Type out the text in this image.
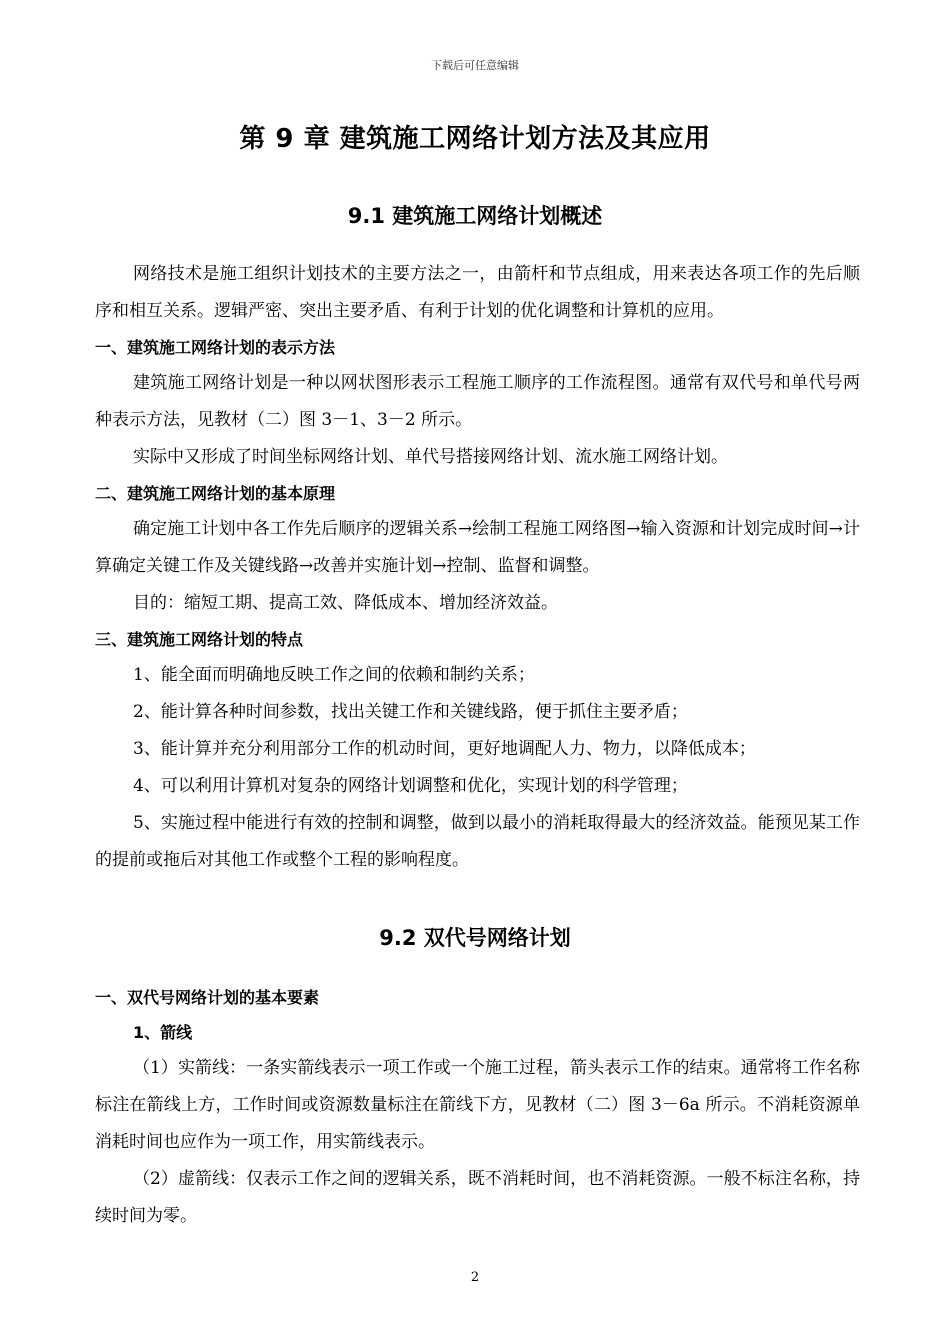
下载后可任意编辑
第 9 章 建筑施工网络计划方法及其应用
9.1 建筑施工网络计划概述

网络技术是施工组织计划技术的主要方法之一，由箭杆和节点组成，用来表达各项工作的先后顺序和相互关系。逻辑严密、突出主要矛盾、有利于计划的优化调整和计算机的应用。

一、建筑施工网络计划的表示方法

建筑施工网络计划是一种以网状图形表示工程施工顺序的工作流程图。通常有双代号和单代号两种表示方法，见教材（二）图 3－1、3－2 所示。

实际中又形成了时间坐标网络计划、单代号搭接网络计划、流水施工网络计划。

二、建筑施工网络计划的基本原理

确定施工计划中各工作先后顺序的逻辑关系→绘制工程施工网络图→输入资源和计划完成时间→计算确定关键工作及关键线路→改善并实施计划→控制、监督和调整。

目的：缩短工期、提高工效、降低成本、增加经济效益。

三、建筑施工网络计划的特点

1、能全面而明确地反映工作之间的依赖和制约关系；

2、能计算各种时间参数，找出关键工作和关键线路，便于抓住主要矛盾；

3、能计算并充分利用部分工作的机动时间，更好地调配人力、物力，以降低成本；

4、可以利用计算机对复杂的网络计划调整和优化，实现计划的科学管理；

5、实施过程中能进行有效的控制和调整，做到以最小的消耗取得最大的经济效益。能预见某工作的提前或拖后对其他工作或整个工程的影响程度。

9.2 双代号网络计划

一、双代号网络计划的基本要素

1、箭线

（1）实箭线：一条实箭线表示一项工作或一个施工过程，箭头表示工作的结束。通常将工作名称标注在箭线上方，工作时间或资源数量标注在箭线下方，见教材（二）图 3－6a 所示。不消耗资源单消耗时间也应作为一项工作，用实箭线表示。

（2）虚箭线：仅表示工作之间的逻辑关系，既不消耗时间，也不消耗资源。一般不标注名称，持续时间为零。

2
